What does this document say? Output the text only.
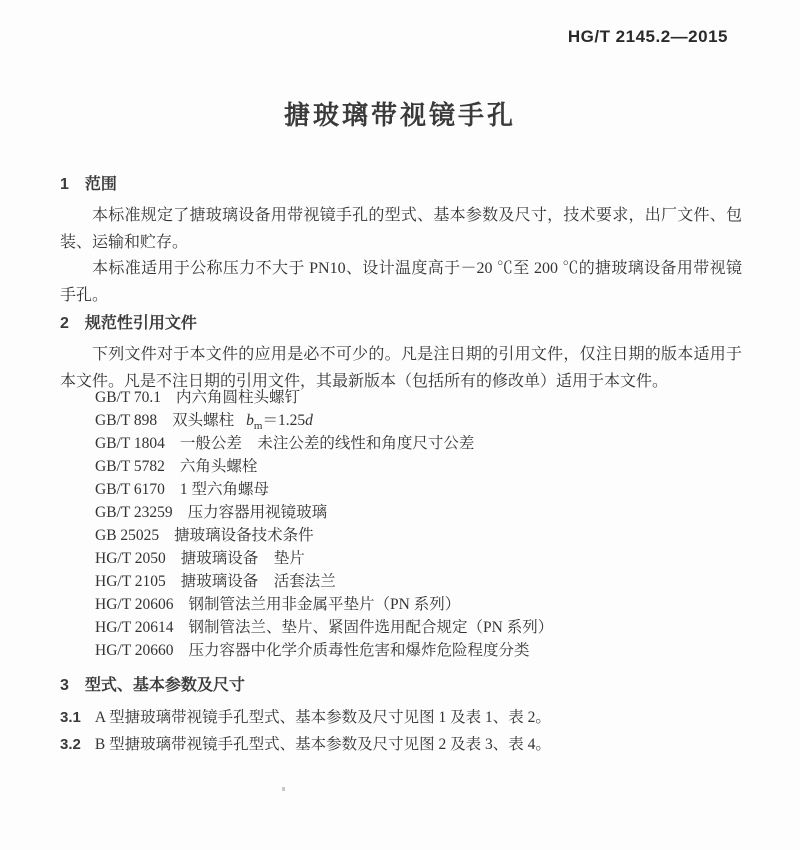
HG/T 2145.2—2015
搪玻璃带视镜手孔
1 范围

本标准规定了搪玻璃设备用带视镜手孔的型式、基本参数及尺寸，技术要求，出厂文件、包装、运输和贮存。

本标准适用于公称压力不大于 PN10、设计温度高于－20 ℃至 200 ℃的搪玻璃设备用带视镜手孔。

2 规范性引用文件

下列文件对于本文件的应用是必不可少的。凡是注日期的引用文件，仅注日期的版本适用于本文件。凡是不注日期的引用文件，其最新版本（包括所有的修改单）适用于本文件。

GB/T 70.1 内六角圆柱头螺钉
GB/T 898 双头螺柱 $b_m=1.25d$
GB/T 1804 一般公差　未注公差的线性和角度尺寸公差
GB/T 5782 六角头螺栓
GB/T 6170 1 型六角螺母
GB/T 23259 压力容器用视镜玻璃
GB 25025 搪玻璃设备技术条件
HG/T 2050 搪玻璃设备　垫片
HG/T 2105 搪玻璃设备　活套法兰
HG/T 20606 钢制管法兰用非金属平垫片（PN 系列）
HG/T 20614 钢制管法兰、垫片、紧固件选用配合规定（PN 系列）
HG/T 20660 压力容器中化学介质毒性危害和爆炸危险程度分类
3 型式、基本参数及尺寸
3.1 A 型搪玻璃带视镜手孔型式、基本参数及尺寸见图 1 及表 1、表 2。
3.2 B 型搪玻璃带视镜手孔型式、基本参数及尺寸见图 2 及表 3、表 4。
